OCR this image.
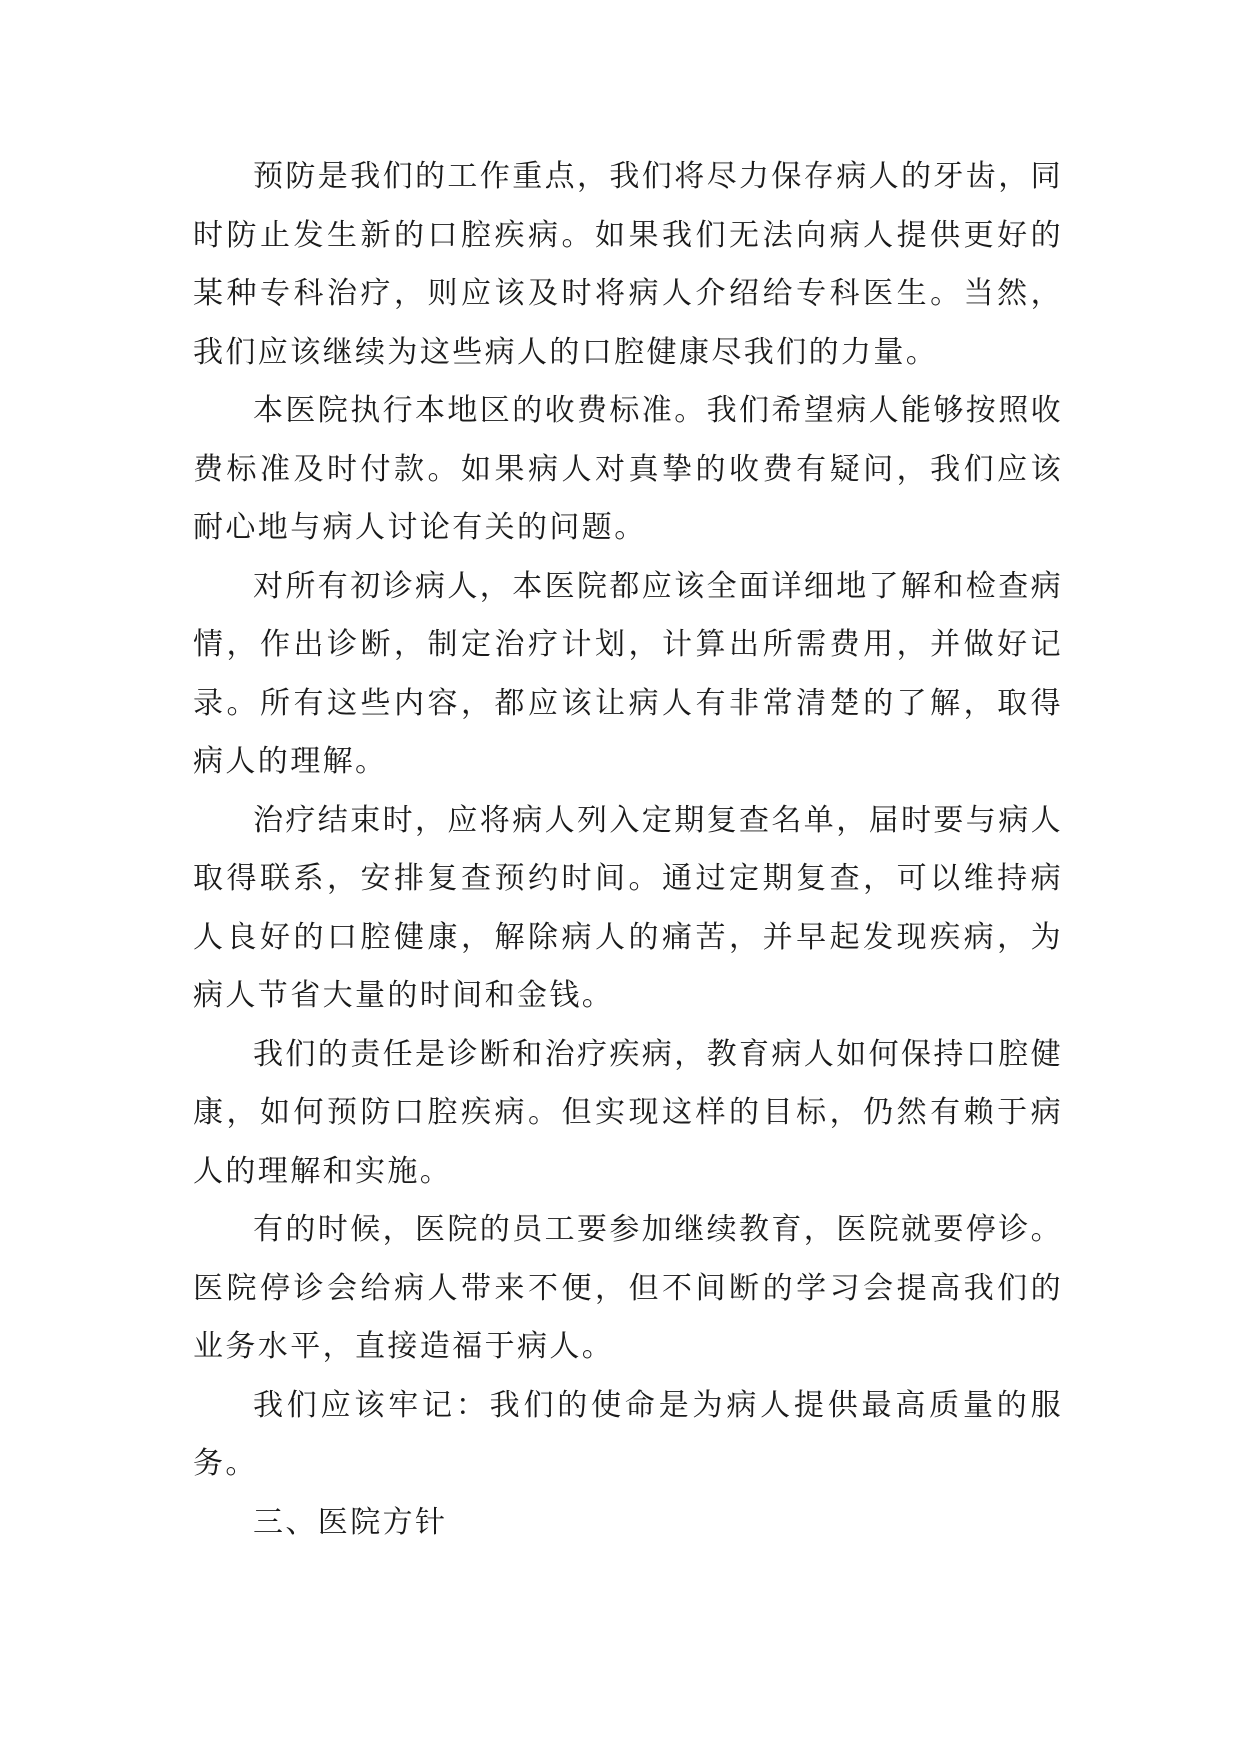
预防是我们的工作重点，我们将尽力保存病人的牙齿，同时防止发生新的口腔疾病。如果我们无法向病人提供更好的某种专科治疗，则应该及时将病人介绍给专科医生。当然，我们应该继续为这些病人的口腔健康尽我们的力量。

本医院执行本地区的收费标准。我们希望病人能够按照收费标准及时付款。如果病人对真挚的收费有疑问，我们应该耐心地与病人讨论有关的问题。

对所有初诊病人，本医院都应该全面详细地了解和检查病情，作出诊断，制定治疗计划，计算出所需费用，并做好记录。所有这些内容，都应该让病人有非常清楚的了解，取得病人的理解。

治疗结束时，应将病人列入定期复查名单，届时要与病人取得联系，安排复查预约时间。通过定期复查，可以维持病人良好的口腔健康，解除病人的痛苦，并早起发现疾病，为病人节省大量的时间和金钱。

我们的责任是诊断和治疗疾病，教育病人如何保持口腔健康，如何预防口腔疾病。但实现这样的目标，仍然有赖于病人的理解和实施。

有的时候，医院的员工要参加继续教育，医院就要停诊。医院停诊会给病人带来不便，但不间断的学习会提高我们的业务水平，直接造福于病人。

我们应该牢记：我们的使命是为病人提供最高质量的服务。

三、医院方针
